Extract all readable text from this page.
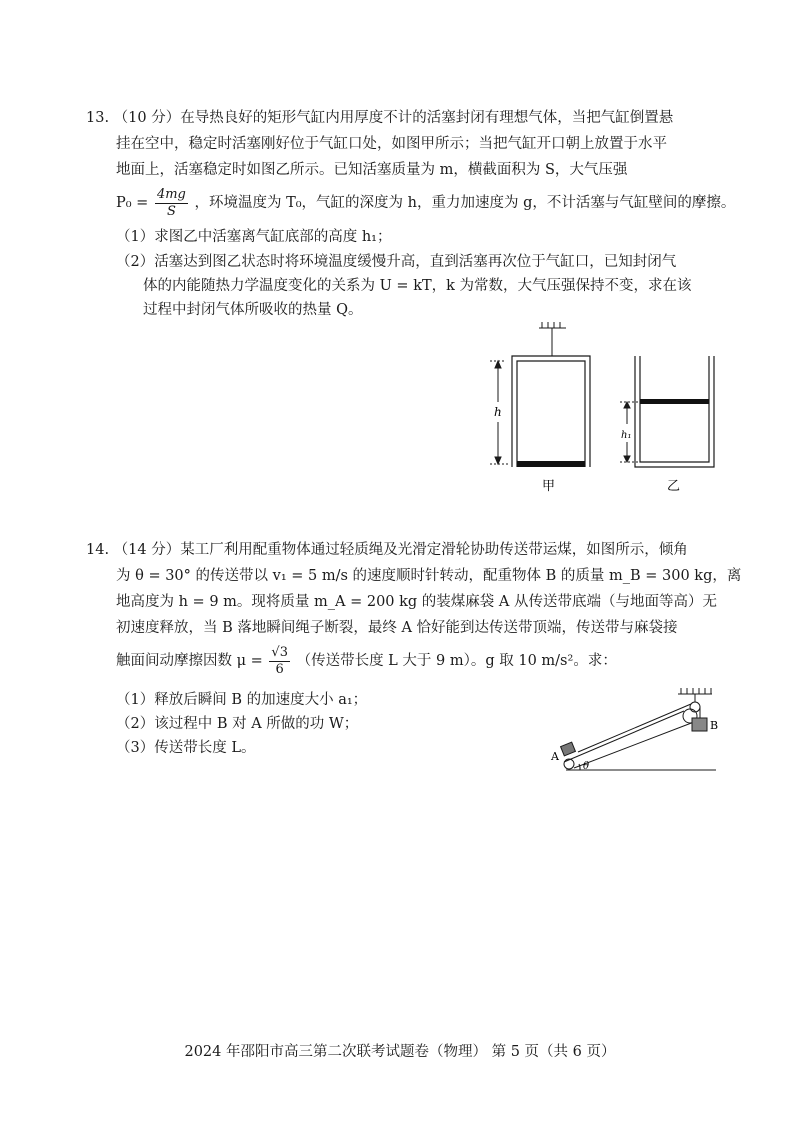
13. （10 分）在导热良好的矩形气缸内用厚度不计的活塞封闭有理想气体，当把气缸倒置悬
挂在空中，稳定时活塞刚好位于气缸口处，如图甲所示；当把气缸开口朝上放置于水平
地面上，活塞稳定时如图乙所示。已知活塞质量为 m，横截面积为 S，大气压强
$P_0 = \frac{4mg}{S}$ ，环境温度为 T₀，气缸的深度为 h，重力加速度为 g，不计活塞与气缸壁间的摩擦。
（1）求图乙中活塞离气缸底部的高度 h₁；
（2）活塞达到图乙状态时将环境温度缓慢升高，直到活塞再次位于气缸口，已知封闭气
体的内能随热力学温度变化的关系为 U = kT，k 为常数，大气压强保持不变，求在该
过程中封闭气体所吸收的热量 Q。
h
h₁
甲	乙
14. （14 分）某工厂利用配重物体通过轻质绳及光滑定滑轮协助传送带运煤，如图所示，倾角
为 θ = 30° 的传送带以 v₁ = 5 m/s 的速度顺时针转动，配重物体 B 的质量 m_B = 300 kg，离
地高度为 h = 9 m。现将质量 m_A = 200 kg 的装煤麻袋 A 从传送带底端（与地面等高）无
初速度释放，当 B 落地瞬间绳子断裂，最终 A 恰好能到达传送带顶端，传送带与麻袋接
触面间动摩擦因数 $\mu = \frac{√3}{6}$ （传送带长度 L 大于 9 m）。g 取 10 m/s²。求：
（1）释放后瞬间 B 的加速度大小 a₁；
（2）该过程中 B 对 A 所做的功 W；
（3）传送带长度 L。
A
B
θ
2024 年邵阳市高三第二次联考试题卷（物理） 第 5 页（共 6 页）
